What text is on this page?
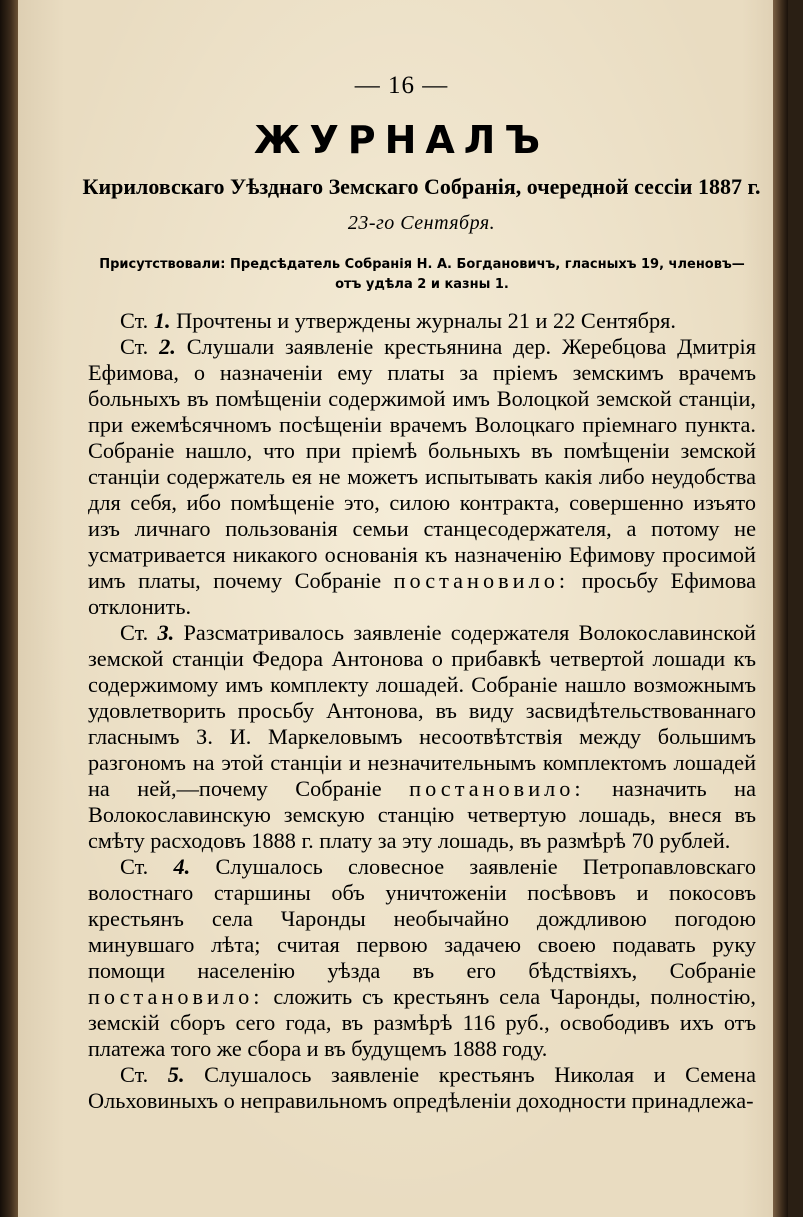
— 16 —
ЖУРНАЛЪ
Кириловскаго Уѣзднаго Земскаго Собранія, очередной сессіи 1887 г.
23-го Сентября.
Присутствовали: Предсѣдатель Собранія Н. А. Богдановичъ, гласныхъ 19, членовъ—отъ удѣла 2 и казны 1.

Ст. 1. Прочтены и утверждены журналы 21 и 22 Сентября.

Ст. 2. Слушали заявленіе крестьянина дер. Жеребцова Дмитрія Ефимова, о назначеніи ему платы за пріемъ земскимъ врачемъ больныхъ въ помѣщеніи содержимой имъ Волоцкой земской станціи, при ежемѣсячномъ посѣщеніи врачемъ Волоцкаго пріемнаго пункта. Собраніе нашло, что при пріемѣ больныхъ въ помѣщеніи земской станціи содержатель ея не можетъ испытывать какія либо неудобства для себя, ибо помѣщеніе это, силою контракта, совершенно изъято изъ личнаго пользованія семьи станцесодержателя, а потому не усматривается никакого основанія къ назначенію Ефимову просимой имъ платы, почему Собраніе постановило: просьбу Ефимова отклонить.

Ст. 3. Разсматривалось заявленіе содержателя Волокославинской земской станціи Федора Антонова о прибавкѣ четвертой лошади къ содержимому имъ комплекту лошадей. Собраніе нашло возможнымъ удовлетворить просьбу Антонова, въ виду засвидѣтельствованнаго гласнымъ З. И. Маркеловымъ несоотвѣтствія между большимъ разгономъ на этой станціи и незначительнымъ комплектомъ лошадей на ней,—почему Собраніе постановило: назначить на Волокославинскую земскую станцію четвертую лошадь, внеся въ смѣту расходовъ 1888 г. плату за эту лошадь, въ размѣрѣ 70 рублей.

Ст. 4. Слушалось словесное заявленіе Петропавловскаго волостнаго старшины объ уничтоженіи посѣвовъ и покосовъ крестьянъ села Чаронды необычайно дождливою погодою минувшаго лѣта; считая первою задачею своею подавать руку помощи населенію уѣзда въ его бѣдствіяхъ, Собраніе постановило: сложить съ крестьянъ села Чаронды, полностію, земскій сборъ сего года, въ размѣрѣ 116 руб., освободивъ ихъ отъ платежа того же сбора и въ будущемъ 1888 году.

Ст. 5. Слушалось заявленіе крестьянъ Николая и Семена Ольховиныхъ о неправильномъ опредѣленіи доходности принадлежа-
